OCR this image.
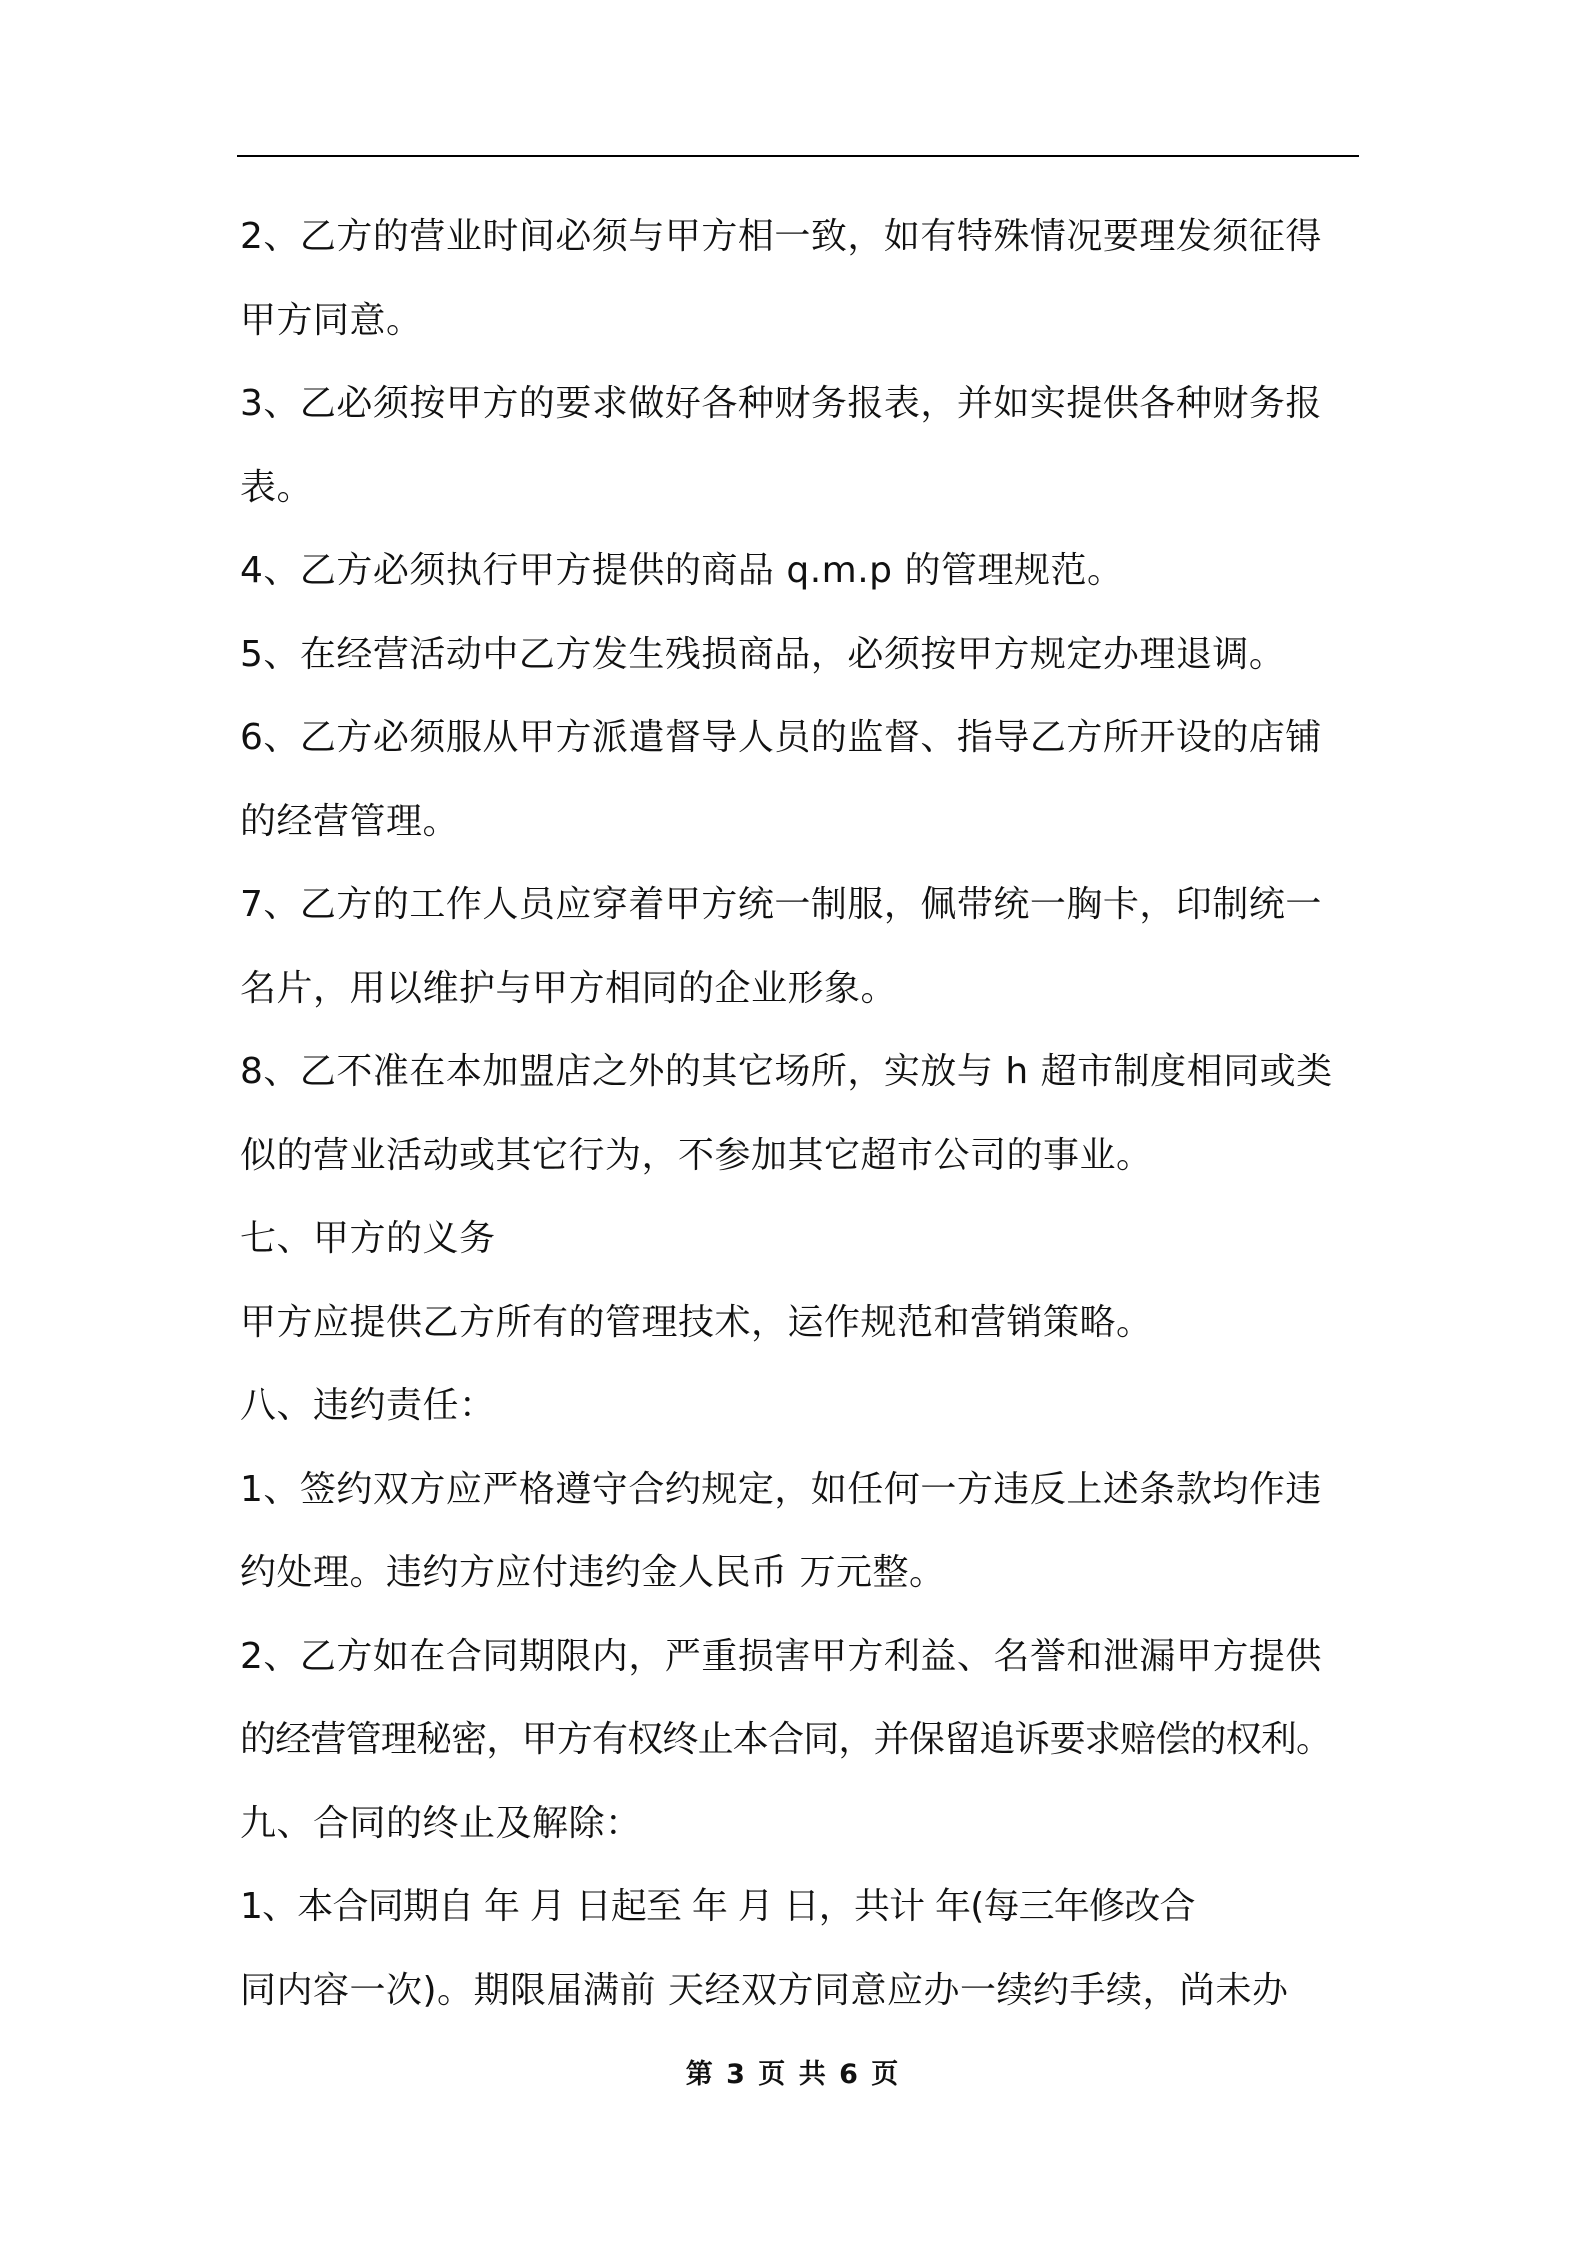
2、乙方的营业时间必须与甲方相一致，如有特殊情况要理发须征得
甲方同意。
3、乙必须按甲方的要求做好各种财务报表，并如实提供各种财务报
表。
4、乙方必须执行甲方提供的商品 q.m.p 的管理规范。
5、在经营活动中乙方发生残损商品，必须按甲方规定办理退调。
6、乙方必须服从甲方派遣督导人员的监督、指导乙方所开设的店铺
的经营管理。
7、乙方的工作人员应穿着甲方统一制服，佩带统一胸卡，印制统一
名片，用以维护与甲方相同的企业形象。
8、乙不准在本加盟店之外的其它场所，实放与 h 超市制度相同或类
似的营业活动或其它行为，不参加其它超市公司的事业。
七、甲方的义务
甲方应提供乙方所有的管理技术，运作规范和营销策略。
八、违约责任：
1、签约双方应严格遵守合约规定，如任何一方违反上述条款均作违
约处理。违约方应付违约金人民币 万元整。
2、乙方如在合同期限内，严重损害甲方利益、名誉和泄漏甲方提供
的经营管理秘密，甲方有权终止本合同，并保留追诉要求赔偿的权利。
九、合同的终止及解除：
1、本合同期自 年 月 日起至 年 月 日，共计 年(每三年修改合
同内容一次)。期限届满前 天经双方同意应办一续约手续，尚未办
第 3 页 共 6 页
